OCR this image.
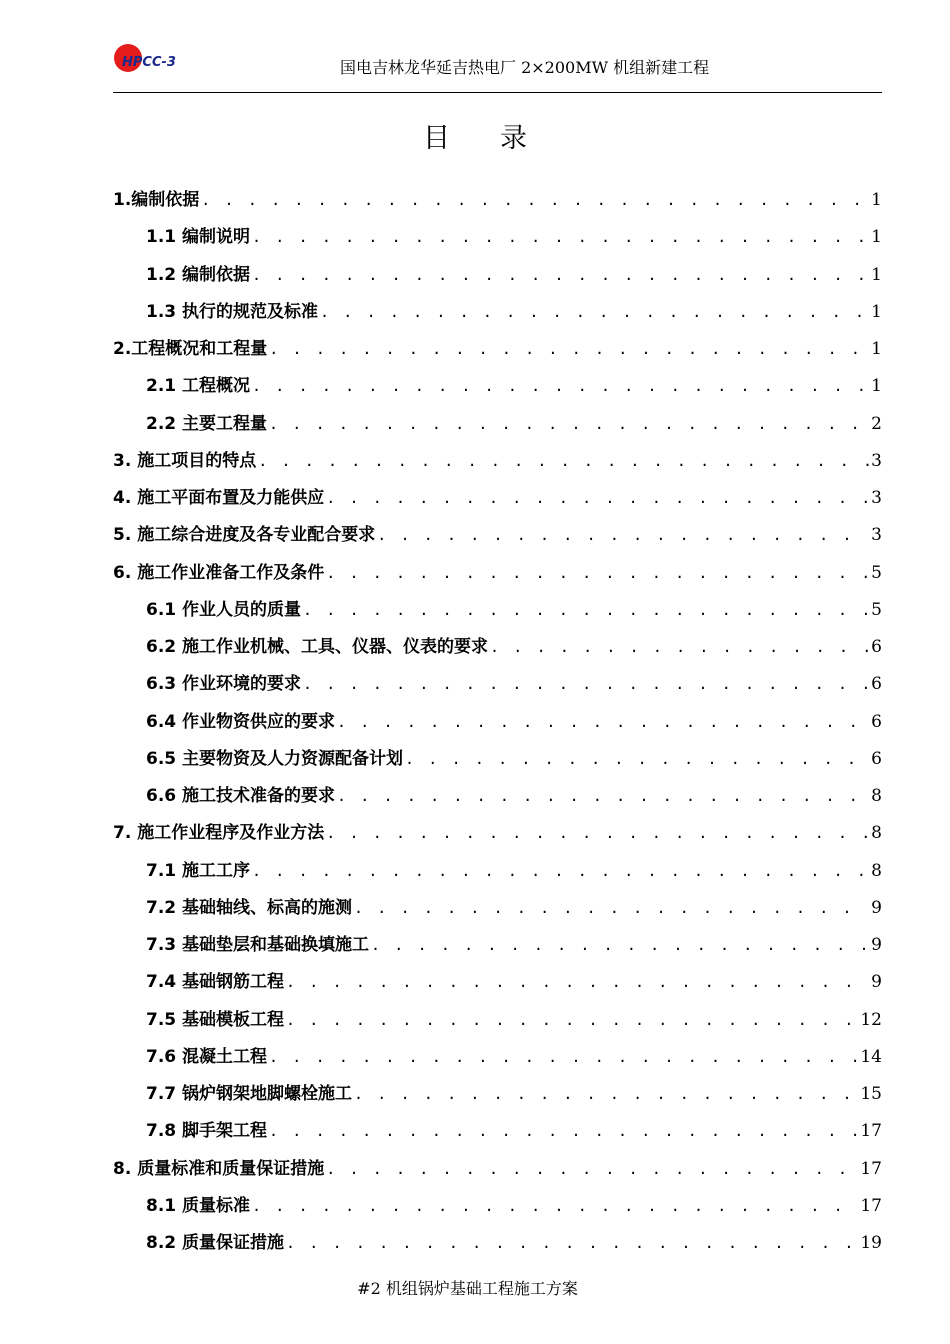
HPCC-3	国电吉林龙华延吉热电厂 2×200MW 机组新建工程
目录
1.编制依据 . . .	1
1.1 编制说明 . . .	1
1.2 编制依据 . . .	1
1.3 执行的规范及标准 . . .	1
2.工程概况和工程量 . . .	1
2.1 工程概况 . . .	1
2.2 主要工程量 . . .	2
3. 施工项目的特点 . . .	3
4. 施工平面布置及力能供应 . . .	3
5. 施工综合进度及各专业配合要求 . . .	3
6. 施工作业准备工作及条件 . . .	5
6.1 作业人员的质量 . . .	5
6.2 施工作业机械、工具、仪器、仪表的要求 . . .	6
6.3 作业环境的要求 . . .	6
6.4 作业物资供应的要求 . . .	6
6.5 主要物资及人力资源配备计划 . . .	6
6.6 施工技术准备的要求 . . .	8
7. 施工作业程序及作业方法 . . .	8
7.1 施工工序 . . .	8
7.2 基础轴线、标高的施测 . . .	9
7.3 基础垫层和基础换填施工 . . .	9
7.4 基础钢筋工程 . . .	9
7.5 基础模板工程 . . .	12
7.6 混凝土工程 . . .	14
7.7 锅炉钢架地脚螺栓施工 . . .	15
7.8 脚手架工程 . . .	17
8. 质量标准和质量保证措施 . . .	17
8.1 质量标准 . . .	17
8.2 质量保证措施 . . .	19
#2 机组锅炉基础工程施工方案
